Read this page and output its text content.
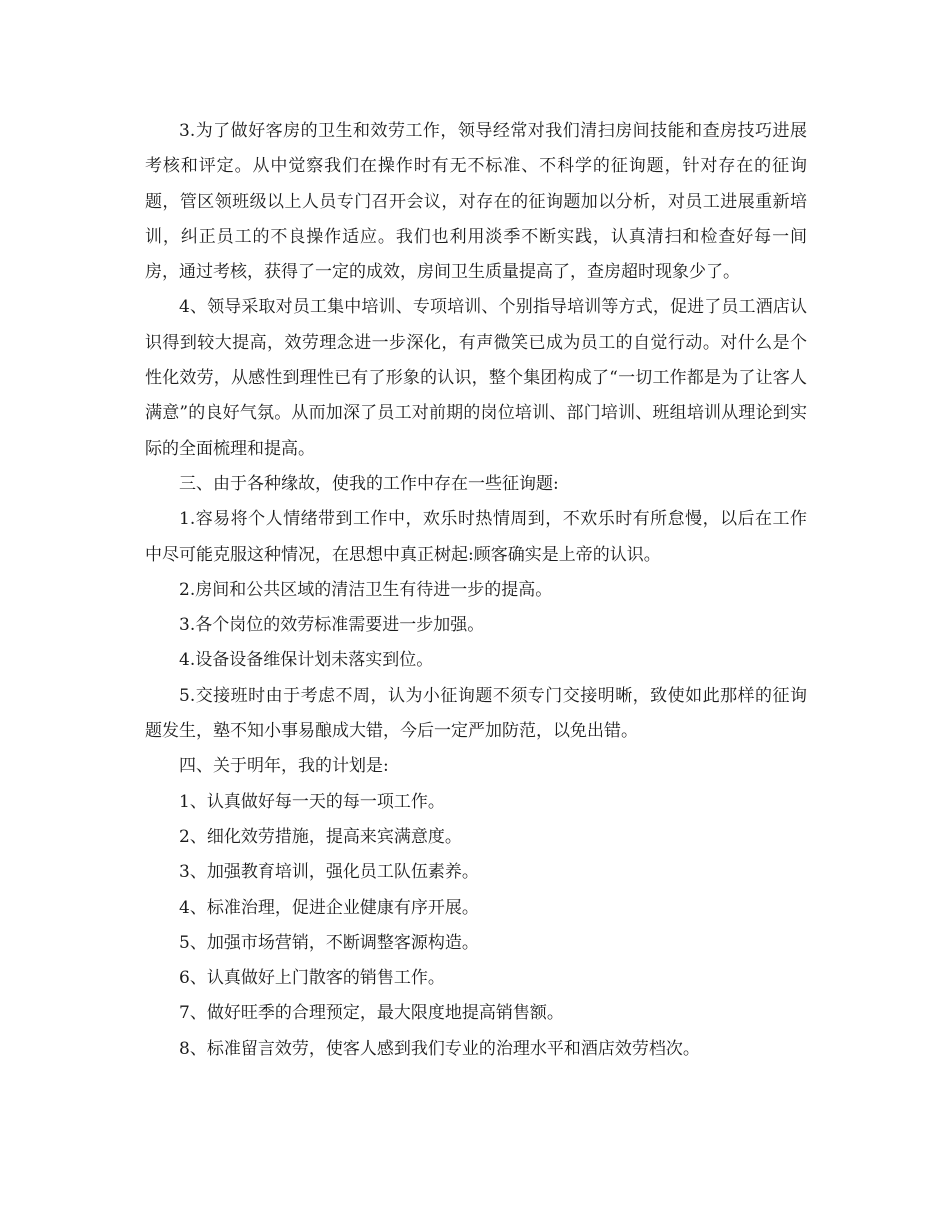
3.为了做好客房的卫生和效劳工作，领导经常对我们清扫房间技能和查房技巧进展考核和评定。从中觉察我们在操作时有无不标准、不科学的征询题，针对存在的征询题，管区领班级以上人员专门召开会议，对存在的征询题加以分析，对员工进展重新培训，纠正员工的不良操作适应。我们也利用淡季不断实践，认真清扫和检查好每一间房，通过考核，获得了一定的成效，房间卫生质量提高了，查房超时现象少了。

4、领导采取对员工集中培训、专项培训、个别指导培训等方式，促进了员工酒店认识得到较大提高，效劳理念进一步深化，有声微笑已成为员工的自觉行动。对什么是个性化效劳，从感性到理性已有了形象的认识，整个集团构成了“一切工作都是为了让客人满意”的良好气氛。从而加深了员工对前期的岗位培训、部门培训、班组培训从理论到实际的全面梳理和提高。

三、由于各种缘故，使我的工作中存在一些征询题:

1.容易将个人情绪带到工作中，欢乐时热情周到，不欢乐时有所怠慢，以后在工作中尽可能克服这种情况，在思想中真正树起:顾客确实是上帝的认识。

2.房间和公共区域的清洁卫生有待进一步的提高。

3.各个岗位的效劳标准需要进一步加强。

4.设备设备维保计划未落实到位。

5.交接班时由于考虑不周，认为小征询题不须专门交接明晰，致使如此那样的征询题发生，塾不知小事易酿成大错，今后一定严加防范，以免出错。

四、关于明年，我的计划是:

1、认真做好每一天的每一项工作。

2、细化效劳措施，提高来宾满意度。

3、加强教育培训，强化员工队伍素养。

4、标准治理，促进企业健康有序开展。

5、加强市场营销，不断调整客源构造。

6、认真做好上门散客的销售工作。

7、做好旺季的合理预定，最大限度地提高销售额。

8、标准留言效劳，使客人感到我们专业的治理水平和酒店效劳档次。
